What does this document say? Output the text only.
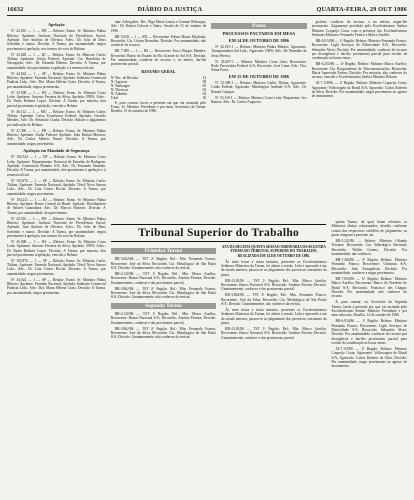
16632	DIÁRIO DA JUSTIÇA	QUARTA-FEIRA, 29 OUT 1986
Apelação

Nº 42.016 — 1 — RN — Relator: Exmo. Sr. Ministro Pádua Ribeiro; Apelante: Instituto Nacional de Previdência Social; Apelado: José Antônio de Oliveira; Advs.: Dr. João de Deus Sobrinho e outros. Decisão: A Turma, por unanimidade, negou provimento à apelação, nos termos do voto do Relator.

Nº 43.648 — 1 — RJ — Relator: Exmo. Sr. Ministro Carlos Thibau; Apelante: União Federal; Apelado: Cia. Brasileira de Navegação; Adv.: Dr. Eduardo Ribeiro. Decisão: A Turma, por unanimidade, deu provimento à apelação e à remessa oficial.

Nº 44.022 — 1 — SP — Relator: Exmo. Sr. Ministro Pádua Ribeiro; Apelante: Fazenda Nacional; Apelada: Indústria Comercial Paulista Ltda.; Adv.: Dra. Maria Helena Costa. Decisão: A Turma, por unanimidade, negou provimento.

Nº 45.008 — 1 — RS — Relator: Exmo. Sr. Ministro Costa Leite; Apelante: Antonio Ferreira da Silva; Apelado: INPS; Advs.: Dr. Paulo Roberto Lopes. Decisão: A Turma, por maioria, deu parcial provimento à apelação, vencido o Relator.

Nº 46.112 — 1 — MG — Relator: Exmo. Sr. Ministro Carlos Thibau; Apelante: Caixa Econômica Federal; Apelado: Geraldo Mendes; Adv.: Dr. Sebastião Cunha. Decisão: Adiado o julgamento por indicação do Relator.

Nº 47.390 — 1 — PR — Relator: Exmo. Sr. Ministro Pádua Ribeiro; Apelante: União Federal; Apelado: João Batista Moreira; Adv.: Dr. Carlos Alberto Nunes. Decisão: A Turma, por unanimidade, negou provimento.

Apelação em Mandado de Segurança

Nº 102.344 — 1 — DF — Relator: Exmo. Sr. Ministro Costa Leite; Apelante: Departamento Nacional de Estradas de Rodagem; Apelado: Construtora Planalto S/A; Adv.: Dr. Fernando Almeida. Decisão: A Turma, por unanimidade, deu provimento à apelação e à remessa oficial.

Nº 103.876 — 1 — SP — Relator: Exmo. Sr. Ministro Carlos Thibau; Apelante: Fazenda Nacional; Apelada: Têxtil Nova Aurora Ltda.; Adv.: Dr. Luiz Carlos Rocha. Decisão: A Turma, por unanimidade, negou provimento.

Nº 104.221 — 1 — RJ — Relator: Exmo. Sr. Ministro Pádua Ribeiro; Apelante: Banco Central do Brasil; Apelado: Distribuidora de Valores Guanabara; Adv.: Dr. Marcos Pinheiro. Decisão: A Turma, por unanimidade, deu provimento.

Nº 42.016 — 1 — RN — Relator: Exmo. Sr. Ministro Pádua Ribeiro; Apelante: Instituto Nacional de Previdência Social; Apelado: José Antônio de Oliveira; Advs.: Dr. João de Deus Sobrinho e outros. Decisão: A Turma, por unanimidade, negou provimento à apelação, nos termos do voto do Relator.

Nº 45.008 — 1 — RS — Relator: Exmo. Sr. Ministro Costa Leite; Apelante: Antonio Ferreira da Silva; Apelado: INPS; Advs.: Dr. Paulo Roberto Lopes. Decisão: A Turma, por maioria, deu parcial provimento à apelação, vencido o Relator.

Nº 103.876 — 1 — SP — Relator: Exmo. Sr. Ministro Carlos Thibau; Apelante: Fazenda Nacional; Apelada: Têxtil Nova Aurora Ltda.; Adv.: Dr. Luiz Carlos Rocha. Decisão: A Turma, por unanimidade, negou provimento.

Nº 44.022 — 1 — SP — Relator: Exmo. Sr. Ministro Pádua Ribeiro; Apelante: Fazenda Nacional; Apelada: Indústria Comercial Paulista Ltda.; Adv.: Dra. Maria Helena Costa. Decisão: A Turma, por unanimidade, negou provimento.

ram: Advogados: Drs. Olga Maria Lemos e Carmen Rebouças; Adv.: Dr. Ruben Golveia e Outro. Sessão de 15 de outubro de 1986.

RR 9.320 — 1 — RN — Recorrente: Edson Muniz Machado; Recorrida: Cia. Usinas Reunidas; Decisão: Por unanimidade, não conhecer do recurso.

RR 7.085 — 1 — RS — Recorrente: Erico Borges Mendes; Recorrido: Banco do Estado do Rio Grande do Sul S/A; Decisão: Por unanimidade, conhecer do recurso e, no mérito, dar-lhe provimento parcial.

RESUMO GERAL
Nº Rec. de Revista	12
Nº Agravos	08
Nº Embargos	03
Nº Diversos	05
Nº Adiados	02
Total	30

E, para constar, lavrei a presente ata que vai assinada pelo Exmo. Sr. Ministro Presidente e por mim, Secretário da Turma. Brasília, 15 de outubro de 1986.

Pauta
PROCESSOS PAUTADOS EM MESA
EM 14 DE OUTUBRO DE 1986

Nº 42.015-1 — Relator: Ministro Pádua Ribeiro; Agravante: Transportadora Sul Ltda.; Agravado: INPS; Adv.: Dr. Benedito de Jesus Pereira.

Nº 45.007-1 — Relator: Ministro Costa Leite; Recorrente: Rede Ferroviária Federal S/A; Recorrido: José Lima; Adv.: Dra. Sônia Paiva.

EM 15 DE OUTUBRO DE 1986

Nº 52.308-1 — Relator: Ministro Carlos Thibau; Agravante: União Federal; Agravado: Metalúrgica Andrade S/A; Adv.: Dr. Renato Campos.

Nº 53.110-1 — Relator: Ministro Costa Leite; Requerente: Ivo Ramos; Adv.: Dr. Carlos Nogueira.

proferir, conhecer do recurso, e no mérito, negar-lhe provimento. Julgamento presidido pelo Excelentíssimo Senhor Ministro Coqueijo Costa, com a presença dos Excelentíssimos Senhores Ministros Fernando Franco e Marco Aurélio.

RR-6.014/86 — 1ª Região; Relator: Ministro Fernando Franco; Recorrente: Light Serviços de Eletricidade S/A; Recorrido: Sebastião Alves; Decisão: Por unanimidade, conhecer do recurso por divergência e dar-lhe provimento parcial para excluir da condenação as horas extras.

RR-6.233/86 — 4ª Região; Relator: Ministro Marco Aurélio; Recorrente: Cia. Riograndense de Telecomunicações; Recorrida: Maria Aparecida Fontes; Decisão: Por maioria, não conhecer do recurso, vencido o Excelentíssimo Senhor Ministro Relator.

AI-7.118/86 — 2ª Região; Relator: Ministro Coqueijo Costa; Agravante: Volkswagen do Brasil S/A; Agravado: Carlos Roberto da Silva; Decisão: Por unanimidade, negar provimento ao agravo de instrumento.

Tribunal Superior do Trabalho
Primeira Turma

RR-3.862/86 — TST 2ª Região; Rel.: Min. Fernando Franco; Recorrente: José da Silva; Recorrida: Cia. Metalúrgica de São Paulo S/A; Decisão: Unanimemente, não conhecer da revista.

RR-4.120/86 — TST 1ª Região; Rel.: Min. Marco Aurélio; Recorrente: Banco Nacional S/A; Recorrido: Antônio Pereira; Decisão: Unanimemente, conhecer e dar provimento parcial.

RR-3.862/86 — TST 2ª Região; Rel.: Min. Fernando Franco; Recorrente: José da Silva; Recorrida: Cia. Metalúrgica de São Paulo S/A; Decisão: Unanimemente, não conhecer da revista.

Segunda Turma

RR-4.120/86 — TST 1ª Região; Rel.: Min. Marco Aurélio; Recorrente: Banco Nacional S/A; Recorrido: Antônio Pereira; Decisão: Unanimemente, conhecer e dar provimento parcial.

RR-3.862/86 — TST 2ª Região; Rel.: Min. Fernando Franco; Recorrente: José da Silva; Recorrida: Cia. Metalúrgica de São Paulo S/A; Decisão: Unanimemente, não conhecer da revista.

ATA DA DÉCIMA QUINTA SESSÃO ORDINÁRIA DA SEGUNDA TURMA DO TRIBUNAL SUPERIOR DO TRABALHO, REALIZADA EM 14 DE OUTUBRO DE 1986.

Às treze horas e trinta minutos, presentes os Excelentíssimos Senhores Ministros da Turma, foi aberta a sessão. Lida e aprovada a ata da sessão anterior, passou-se ao julgamento dos processos constantes da pauta.

RR-4.120/86 — TST 1ª Região; Rel.: Min. Marco Aurélio; Recorrente: Banco Nacional S/A; Recorrido: Antônio Pereira; Decisão: Unanimemente, conhecer e dar provimento parcial.

RR-3.862/86 — TST 2ª Região; Rel.: Min. Fernando Franco; Recorrente: José da Silva; Recorrida: Cia. Metalúrgica de São Paulo S/A; Decisão: Unanimemente, não conhecer da revista.

Às treze horas e trinta minutos, presentes os Excelentíssimos Senhores Ministros da Turma, foi aberta a sessão. Lida e aprovada a ata da sessão anterior, passou-se ao julgamento dos processos constantes da pauta.

RR-4.120/86 — TST 1ª Região; Rel.: Min. Marco Aurélio; Recorrente: Banco Nacional S/A; Recorrido: Antônio Pereira; Decisão: Unanimemente, conhecer e dar provimento parcial.

quinta Turma, da qual foram relatores os Ministros abaixo relacionados, decidiu conforme consta das respectivas certidões de julgamento, as quais integram a presente ata.

RR-5.221/86 — Relator: Ministro Orlando Teixeira; Recorrente: Cia. Siderúrgica Nacional; Recorrido: Waldir Gomes; Decisão: Por unanimidade, não conhecer.

RR-7.402/86 — 3ª Região; Relator: Ministro Fernando Franco; Recorrente: Usiminas S/A; Recorrido: João Evangelista; Decisão: Por unanimidade, conhecer e negar provimento.

RR-7.655/86 — 6ª Região; Relator: Ministro Marco Aurélio; Recorrente: Banco do Nordeste do Brasil S/A; Recorrido: Francisco das Chagas; Decisão: Por unanimidade, não conhecer do recurso.

E, para constar, eu, Secretário da Segunda Turma, lavrei a presente ata, que vai assinada pelo Excelentíssimo Senhor Ministro Presidente e por mim subscrita. Brasília, 14 de outubro de 1986.

RR-6.014/86 — 1ª Região; Relator: Ministro Fernando Franco; Recorrente: Light Serviços de Eletricidade S/A; Recorrido: Sebastião Alves; Decisão: Por unanimidade, conhecer do recurso por divergência e dar-lhe provimento parcial para excluir da condenação as horas extras.

AI-7.118/86 — 2ª Região; Relator: Ministro Coqueijo Costa; Agravante: Volkswagen do Brasil S/A; Agravado: Carlos Roberto da Silva; Decisão: Por unanimidade, negar provimento ao agravo de instrumento.
